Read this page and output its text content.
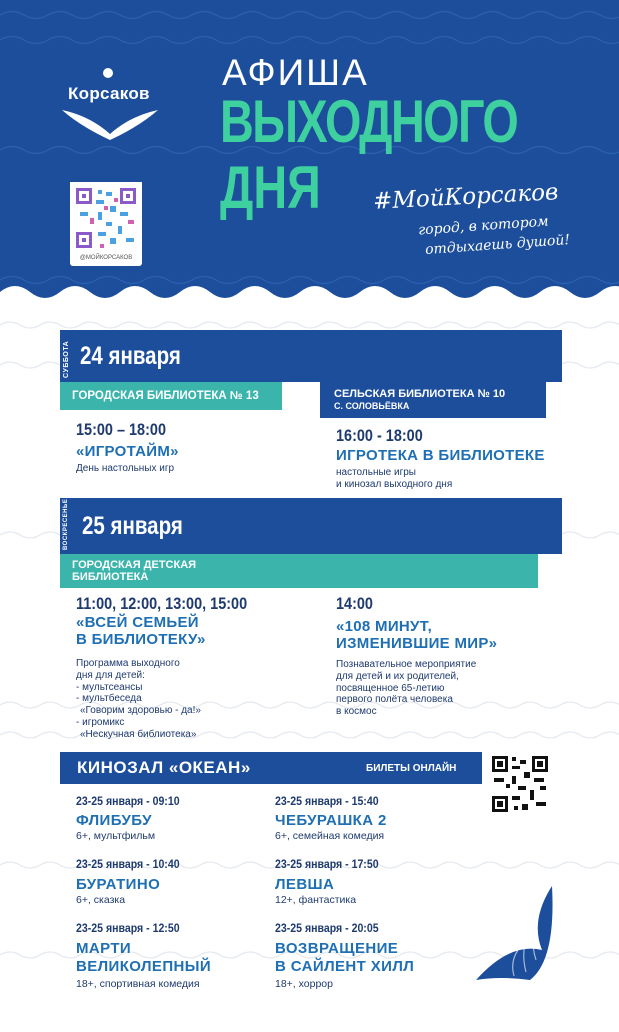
Корсаков
@МОЙКОРСАКОВ
АФИША
ВЫХОДНОГО
ДНЯ #МойКорсаков
город, в котором
отдыхаешь душой!
СУББОТА 24 января
ГОРОДСКАЯ БИБЛИОТЕКА № 13	СЕЛЬСКАЯ БИБЛИОТЕКА № 10
С. СОЛОВЬЁВКА
15:00 – 18:00
«ИГРОТАЙМ»
День настольных игр
16:00 - 18:00
ИГРОТЕКА В БИБЛИОТЕКЕ
настольные игры
и кинозал выходного дня
ВОСКРЕСЕНЬЕ 25 января
ГОРОДСКАЯ ДЕТСКАЯ
БИБЛИОТЕКА
11:00, 12:00, 13:00, 15:00
«ВСЕЙ СЕМЬЕЙ
В БИБЛИОТЕКУ»
Программа выходного
дня для детей:
- мультсеансы
- мультбеседа
«Говорим здоровью - да!»
- игромикс
«Нескучная библиотека»
14:00
«108 МИНУТ,
ИЗМЕНИВШИЕ МИР»
Познавательное мероприятие
для детей и их родителей,
посвященное 65-летию
первого полёта человека
в космос
КИНОЗАЛ «ОКЕАН»	БИЛЕТЫ ОНЛАЙН
23-25 января - 09:10
ФЛИБУБУ
6+, мультфильм
23-25 января - 10:40
БУРАТИНО
6+, сказка
23-25 января - 12:50
МАРТИ
ВЕЛИКОЛЕПНЫЙ
18+, спортивная комедия
23-25 января - 15:40
ЧЕБУРАШКА 2
6+, семейная комедия
23-25 января - 17:50
ЛЕВША
12+, фантастика
23-25 января - 20:05
ВОЗВРАЩЕНИЕ
В САЙЛЕНТ ХИЛЛ
18+, хоррор
